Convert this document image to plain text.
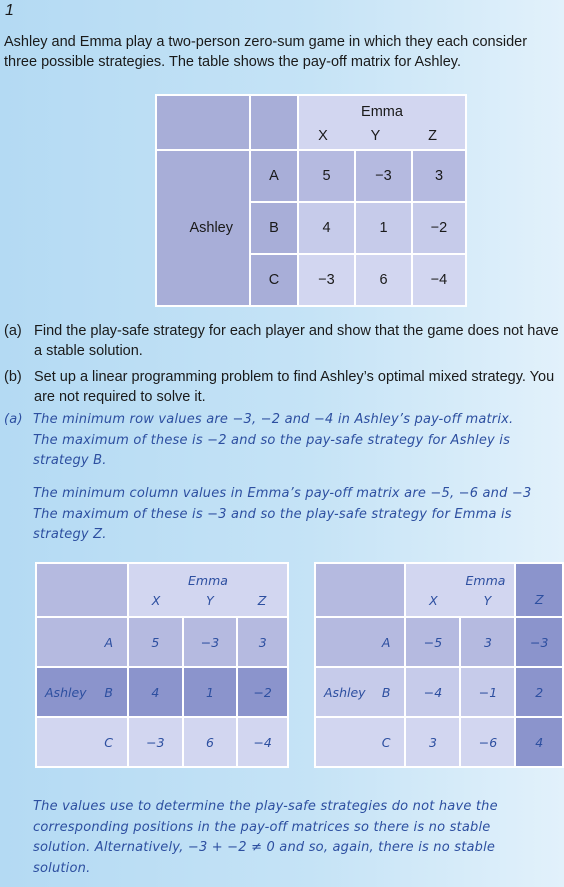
1
Ashley and Emma play a two-person zero-sum game in which they each consider
three possible strategies. The table shows the pay-off matrix for Ashley.

		Emma
X Y Z		

Ashley	A	5	−3	3
	B	4	1	−2
	C	−3	6	−4
(a) Find the play-safe strategy for each player and show that the game does not have a stable solution.
(b) Set up a linear programming problem to find Ashley’s optimal mixed strategy. You are not required to solve it.
(a) The minimum row values are −3, −2 and −4 in Ashley’s pay-off matrix.
The maximum of these is −2 and so the pay-safe strategy for Ashley is
strategy B.
The minimum column values in Emma’s pay-off matrix are −5, −6 and −3
The maximum of these is −3 and so the play-safe strategy for Emma is
strategy Z.

	Emma
X Y Z		

A	5	−3	3

Ashley B	4	1	−2
C	−3	6	−4

	Emma
X Y		Z
A	−5	3	−3

Ashley B	−4	−1	2
C	3	−6	4
The values use to determine the play-safe strategies do not have the
corresponding positions in the pay-off matrices so there is no stable
solution. Alternatively, −3 + −2 ≠ 0 and so, again, there is no stable
solution.
